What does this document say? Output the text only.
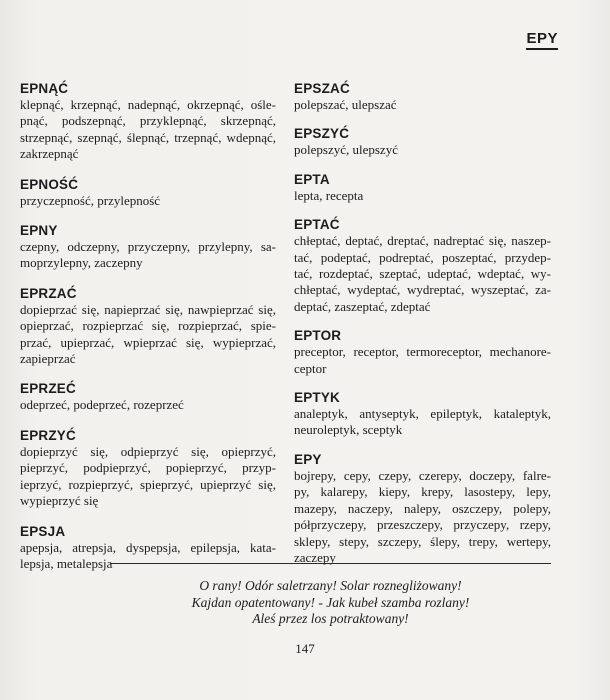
EPY
EPNĄĆ
klepnąć, krzepnąć, nadepnąć, okrzepnąć, ośle-
pnąć, podszepnąć, przyklepnąć, skrzepnąć,
strzepnąć, szepnąć, ślepnąć, trzepnąć, wdepnąć,
zakrzepnąć
EPNOŚĆ
przyczepność, przylepność
EPNY
czepny, odczepny, przyczepny, przylepny, sa-
moprzylepny, zaczepny
EPRZAĆ
dopieprzać się, napieprzać się, nawpieprzać się,
opieprzać, rozpieprzać się, rozpieprzać, spie-
przać, upieprzać, wpieprzać się, wypieprzać,
zapieprzać
EPRZEĆ
odeprzeć, podeprzeć, rozeprzeć
EPRZYĆ
dopieprzyć się, odpieprzyć się, opieprzyć,
pieprzyć, podpieprzyć, popieprzyć, przyp-
ieprzyć, rozpieprzyć, spieprzyć, upieprzyć się,
wypieprzyć się
EPSJA
apepsja, atrepsja, dyspepsja, epilepsja, kata-
lepsja, metalepsja
EPSZAĆ
polepszać, ulepszać
EPSZYĆ
polepszyć, ulepszyć
EPTA
lepta, recepta
EPTAĆ
chłeptać, deptać, dreptać, nadreptać się, naszep-
tać, podeptać, podreptać, poszeptać, przydep-
tać, rozdeptać, szeptać, udeptać, wdeptać, wy-
chłeptać, wydeptać, wydreptać, wyszeptać, za-
deptać, zaszeptać, zdeptać
EPTOR
preceptor, receptor, termoreceptor, mechanore-
ceptor
EPTYK
analeptyk, antyseptyk, epileptyk, kataleptyk,
neuroleptyk, sceptyk
EPY
bojrepy, cepy, czepy, czerepy, doczepy, falre-
py, kalarepy, kiepy, krepy, lasostepy, lepy,
mazepy, naczepy, nalepy, oszczepy, polepy,
półprzyczepy, przeszczepy, przyczepy, rzepy,
sklepy, stepy, szczepy, ślepy, trepy, wertepy,
zaczepy
O rany! Odór saletrzany! Solar roznegliżowany!
Kajdan opatentowany! - Jak kubeł szamba rozlany!
Aleś przez los potraktowany!
147
